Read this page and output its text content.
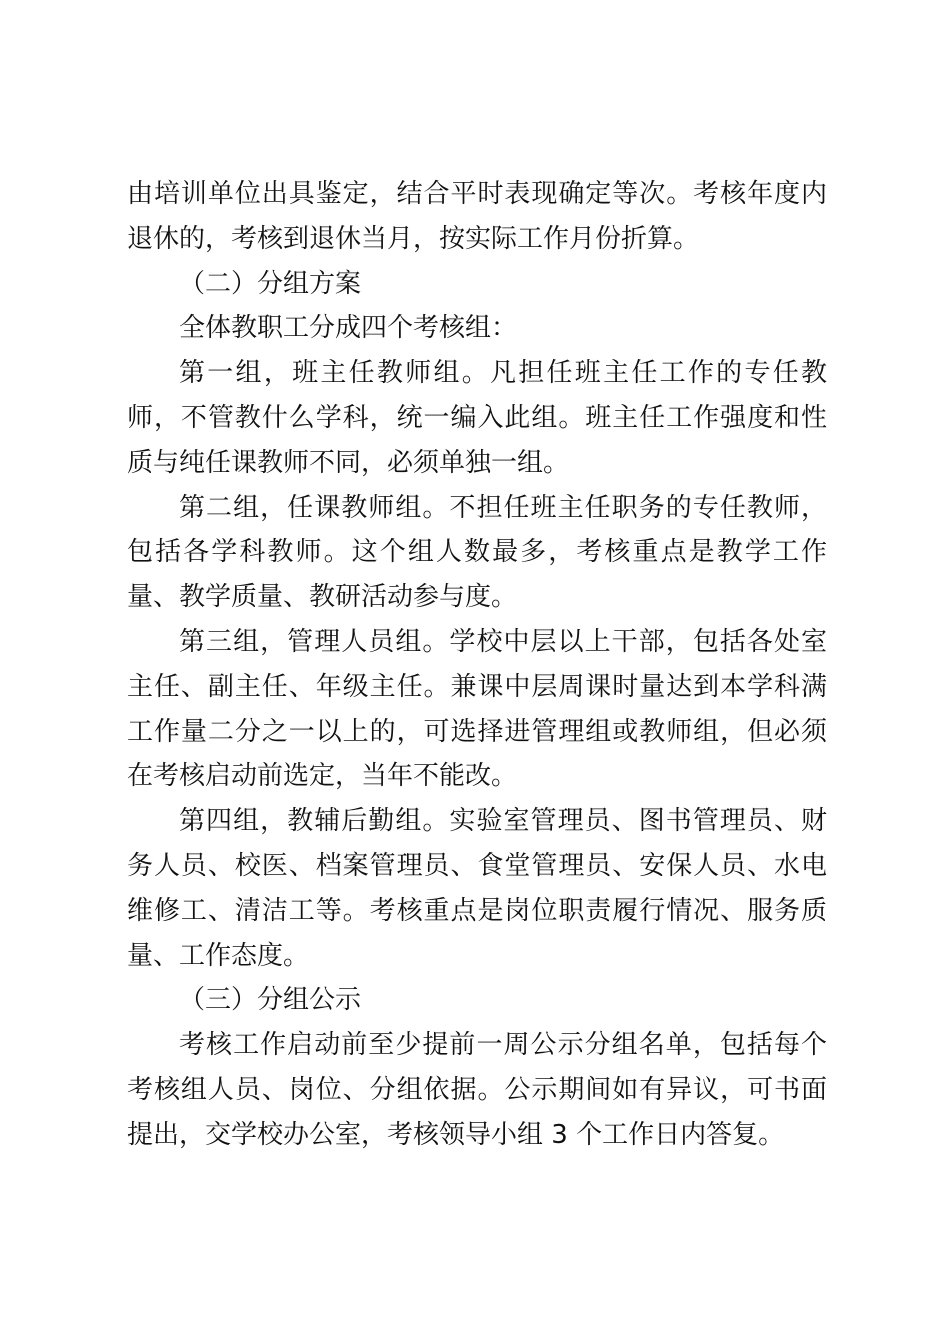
由培训单位出具鉴定，结合平时表现确定等次。考核年度内退休的，考核到退休当月，按实际工作月份折算。

（二）分组方案

全体教职工分成四个考核组：

第一组，班主任教师组。凡担任班主任工作的专任教师，不管教什么学科，统一编入此组。班主任工作强度和性质与纯任课教师不同，必须单独一组。

第二组，任课教师组。不担任班主任职务的专任教师，包括各学科教师。这个组人数最多，考核重点是教学工作量、教学质量、教研活动参与度。

第三组，管理人员组。学校中层以上干部，包括各处室主任、副主任、年级主任。兼课中层周课时量达到本学科满工作量二分之一以上的，可选择进管理组或教师组，但必须在考核启动前选定，当年不能改。

第四组，教辅后勤组。实验室管理员、图书管理员、财务人员、校医、档案管理员、食堂管理员、安保人员、水电维修工、清洁工等。考核重点是岗位职责履行情况、服务质量、工作态度。

（三）分组公示

考核工作启动前至少提前一周公示分组名单，包括每个考核组人员、岗位、分组依据。公示期间如有异议，可书面提出，交学校办公室，考核领导小组 3 个工作日内答复。
